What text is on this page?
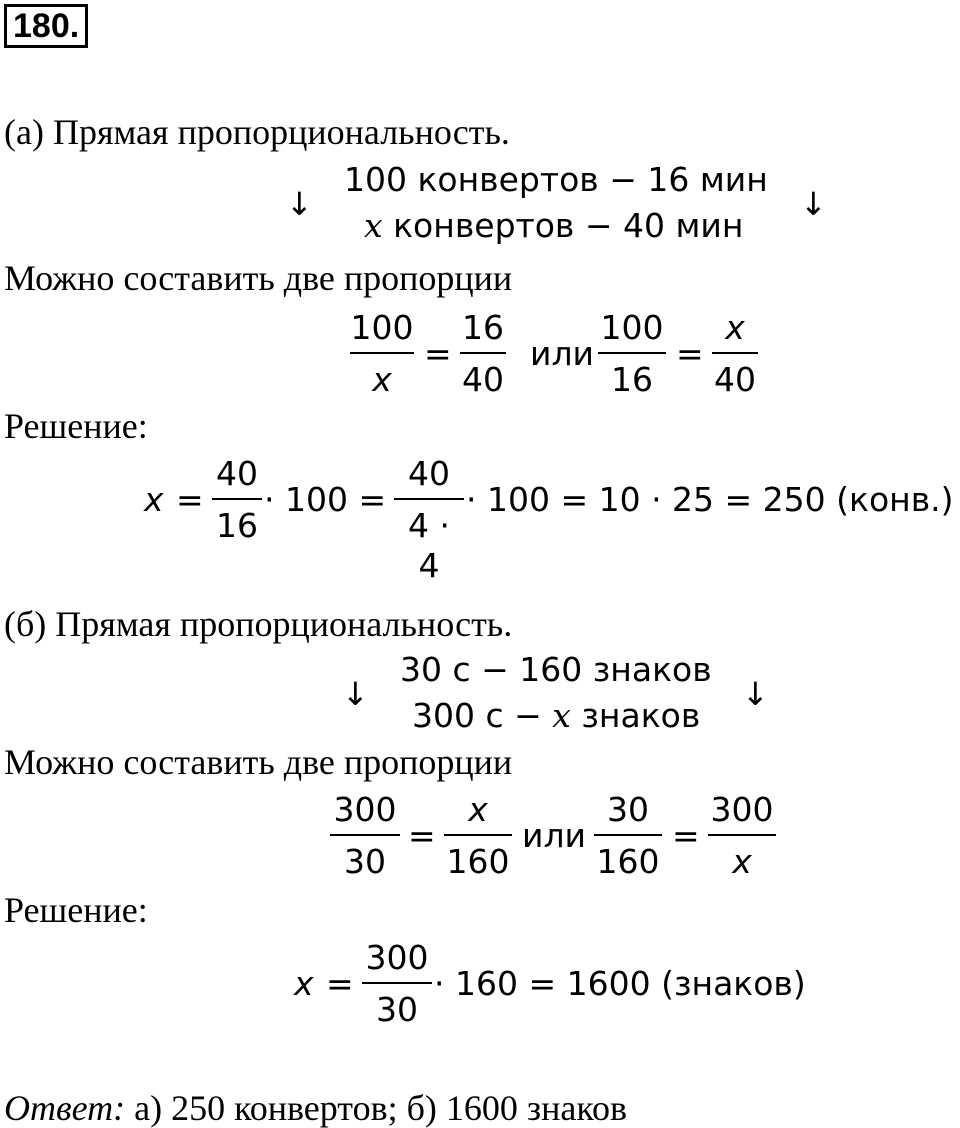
180.
(а) Прямая пропорциональность.
↓
100 конвертов − 16 мин
x конвертов − 40 мин
↓
Можно составить две пропорции
100
x
=
16
40
или
100
16
=
x
40
Решение:
x =
40
16
· 100 =
40
4 · 4
· 100 = 10 · 25 = 250 (конв.)
(б) Прямая пропорциональность.
↓
30 с − 160 знаков
300 с − x знаков
↓
Можно составить две пропорции
300
30
=
x
160
или
30
160
=
300
x
Решение:
x =
300
30
· 160 = 1600 (знаков)
Ответ: а) 250 конвертов; б) 1600 знаков
